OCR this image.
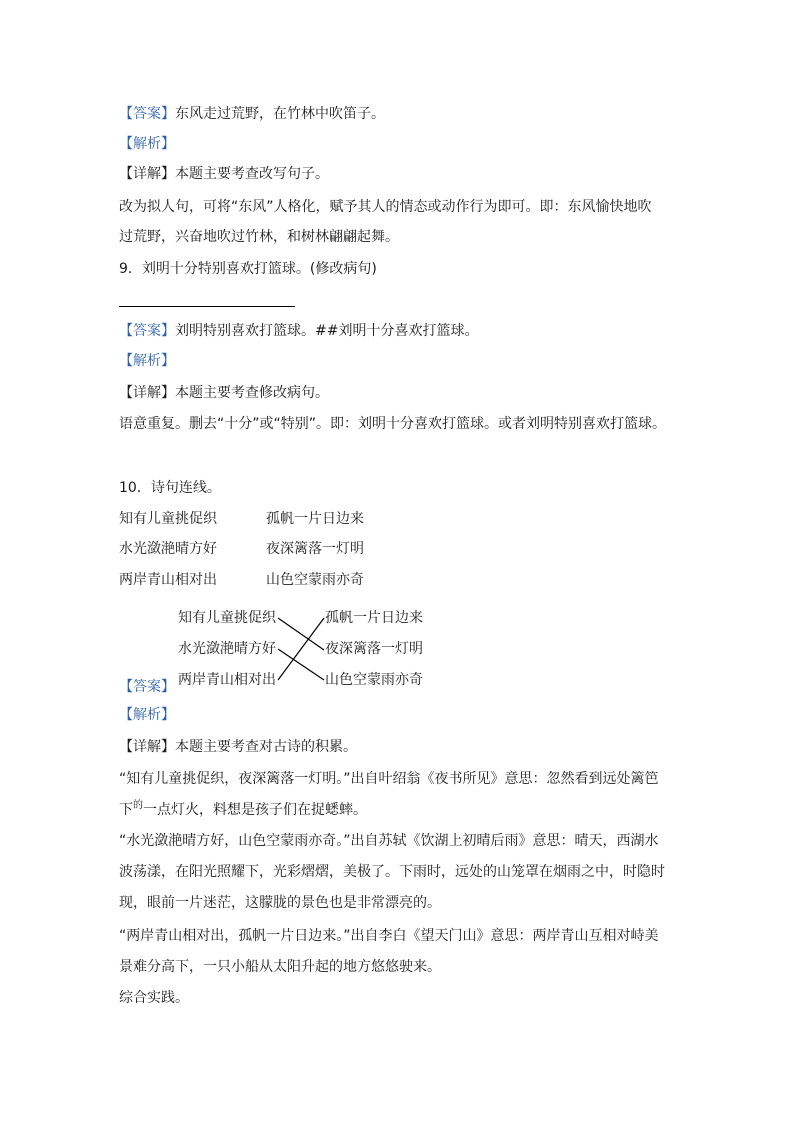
【答案】东风走过荒野，在竹林中吹笛子。
【解析】
【详解】本题主要考查改写句子。
改为拟人句，可将“东风”人格化，赋予其人的情态或动作行为即可。即：东风愉快地吹
过荒野，兴奋地吹过竹林，和树林翩翩起舞。
9．刘明十分特别喜欢打篮球。(修改病句)
【答案】刘明特别喜欢打篮球。##刘明十分喜欢打篮球。
【解析】
【详解】本题主要考查修改病句。
语意重复。删去“十分”或“特别”。即：刘明十分喜欢打篮球。或者刘明特别喜欢打篮球。
10．诗句连线。
知有儿童挑促织	孤帆一片日边来
水光潋滟晴方好	夜深篱落一灯明
两岸青山相对出	山色空蒙雨亦奇
知有儿童挑促织
水光潋滟晴方好
两岸青山相对出
孤帆一片日边来
夜深篱落一灯明
山色空蒙雨亦奇
【答案】
【解析】
【详解】本题主要考查对古诗的积累。
“知有儿童挑促织，夜深篱落一灯明。”出自叶绍翁《夜书所见》意思：忽然看到远处篱笆
下$^的$一点灯火，料想是孩子们在捉蟋蟀。
“水光潋滟晴方好，山色空蒙雨亦奇。”出自苏轼《饮湖上初晴后雨》意思：晴天，西湖水
波荡漾，在阳光照耀下，光彩熠熠，美极了。下雨时，远处的山笼罩在烟雨之中，时隐时
现，眼前一片迷茫，这朦胧的景色也是非常漂亮的。
“两岸青山相对出，孤帆一片日边来。”出自李白《望天门山》意思：两岸青山互相对峙美
景难分高下，一只小船从太阳升起的地方悠悠驶来。
综合实践。
